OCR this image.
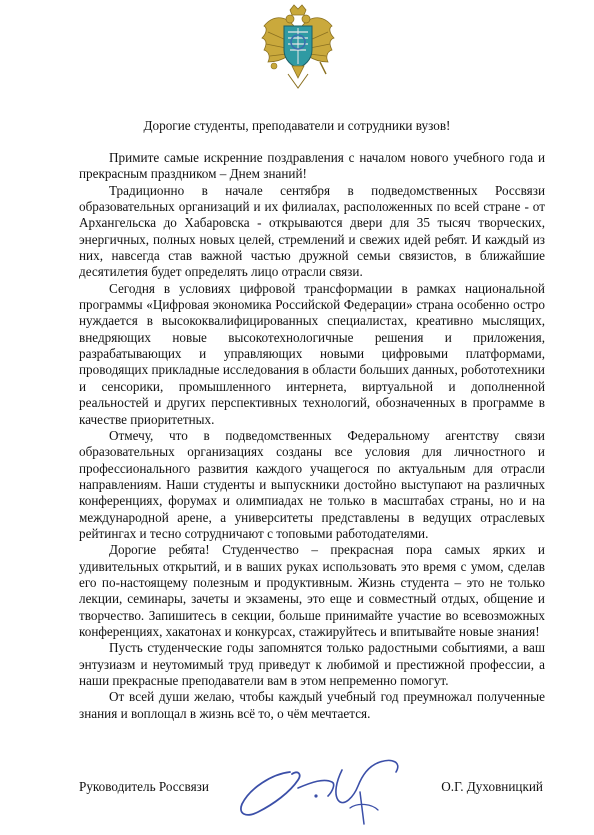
Дорогие студенты, преподаватели и сотрудники вузов!

Примите самые искренние поздравления с началом нового учебного года и прекрасным праздником – Днем знаний!

Традиционно в начале сентября в подведомственных Россвязи образовательных организаций и их филиалах, расположенных по всей стране - от Архангельска до Хабаровска - открываются двери для 35 тысяч творческих, энергичных, полных новых целей, стремлений и свежих идей ребят. И каждый из них, навсегда став важной частью дружной семьи связистов, в ближайшие десятилетия будет определять лицо отрасли связи.

Сегодня в условиях цифровой трансформации в рамках национальной программы «Цифровая экономика Российской Федерации» страна особенно остро нуждается в высококвалифицированных специалистах, креативно мыслящих, внедряющих новые высокотехнологичные решения и приложения, разрабатывающих и управляющих новыми цифровыми платформами, проводящих прикладные исследования в области больших данных, робототехники и сенсорики, промышленного интернета, виртуальной и дополненной реальностей и других перспективных технологий, обозначенных в программе в качестве приоритетных.

Отмечу, что в подведомственных Федеральному агентству связи образовательных организациях созданы все условия для личностного и профессионального развития каждого учащегося по актуальным для отрасли направлениям. Наши студенты и выпускники достойно выступают на различных конференциях, форумах и олимпиадах не только в масштабах страны, но и на международной арене, а университеты представлены в ведущих отраслевых рейтингах и тесно сотрудничают с топовыми работодателями.

Дорогие ребята! Студенчество – прекрасная пора самых ярких и удивительных открытий, и в ваших руках использовать это время с умом, сделав его по-настоящему полезным и продуктивным. Жизнь студента – это не только лекции, семинары, зачеты и экзамены, это еще и совместный отдых, общение и творчество. Запишитесь в секции, больше принимайте участие во всевозможных конференциях, хакатонах и конкурсах, стажируйтесь и впитывайте новые знания!

Пусть студенческие годы запомнятся только радостными событиями, а ваш энтузиазм и неутомимый труд приведут к любимой и престижной профессии, а наши прекрасные преподаватели вам в этом непременно помогут.

От всей души желаю, чтобы каждый учебный год преумножал полученные знания и воплощал в жизнь всё то, о чём мечтается.

Руководитель Россвязи	О.Г. Духовницкий
